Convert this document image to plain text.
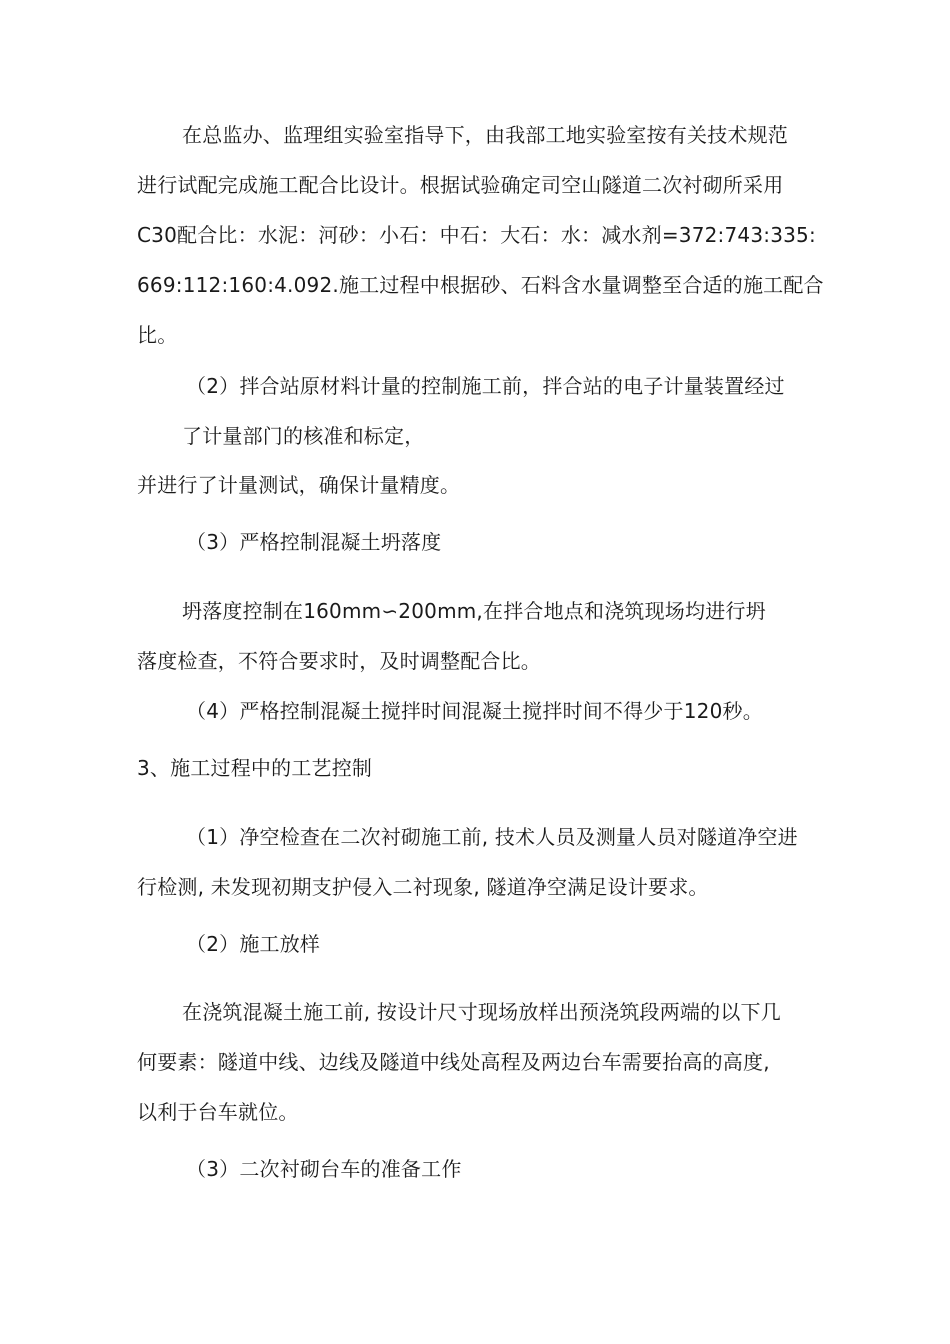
在总监办、监理组实验室指导下，由我部工地实验室按有关技术规范
进行试配完成施工配合比设计。根据试验确定司空山隧道二次衬砌所采用
C30配合比：水泥：河砂：小石：中石：大石：水：减水剂=372:743:335:
669:112:160:4.092.施工过程中根据砂、石料含水量调整至合适的施工配合
比。
（2）拌合站原材料计量的控制施工前，拌合站的电子计量装置经过
了计量部门的核准和标定，
并进行了计量测试，确保计量精度。
（3）严格控制混凝土坍落度
坍落度控制在160mm∽200mm,在拌合地点和浇筑现场均进行坍
落度检查，不符合要求时，及时调整配合比。
（4）严格控制混凝土搅拌时间混凝土搅拌时间不得少于120秒。
3、施工过程中的工艺控制
（1）净空检查在二次衬砌施工前, 技术人员及测量人员对隧道净空进
行检测, 未发现初期支护侵入二衬现象, 隧道净空满足设计要求。
（2）施工放样
在浇筑混凝土施工前, 按设计尺寸现场放样出预浇筑段两端的以下几
何要素：隧道中线、边线及隧道中线处高程及两边台车需要抬高的高度,
以利于台车就位。
（3）二次衬砌台车的准备工作
